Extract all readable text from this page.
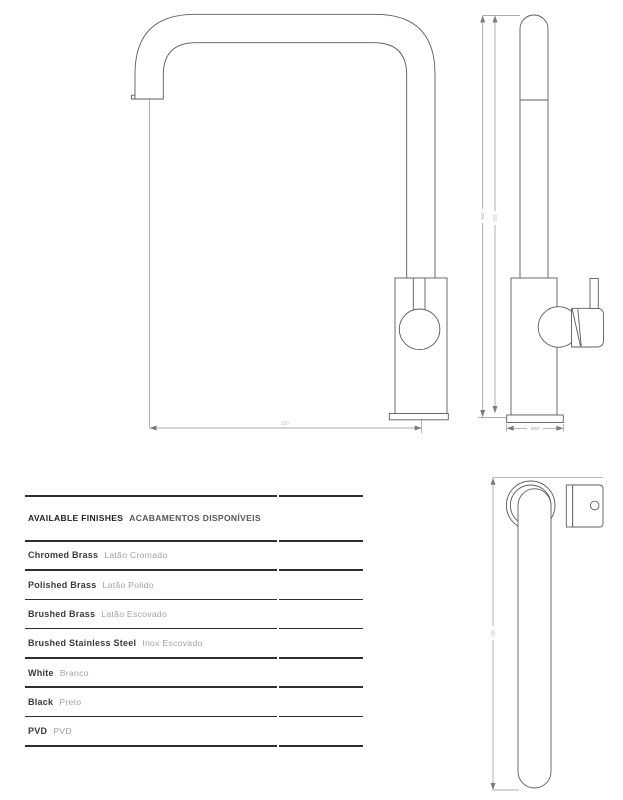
220
340 325
Ø50
220
AVAILABLE FINISHES ACABAMENTOS DISPONÍVEIS
Chromed Brass Latão Cromado
Polished Brass Latão Polido
Brushed Brass Latão Escovado
Brushed Stainless Steel Inox Escovado
White Branco
Black Preto
PVD PVD
